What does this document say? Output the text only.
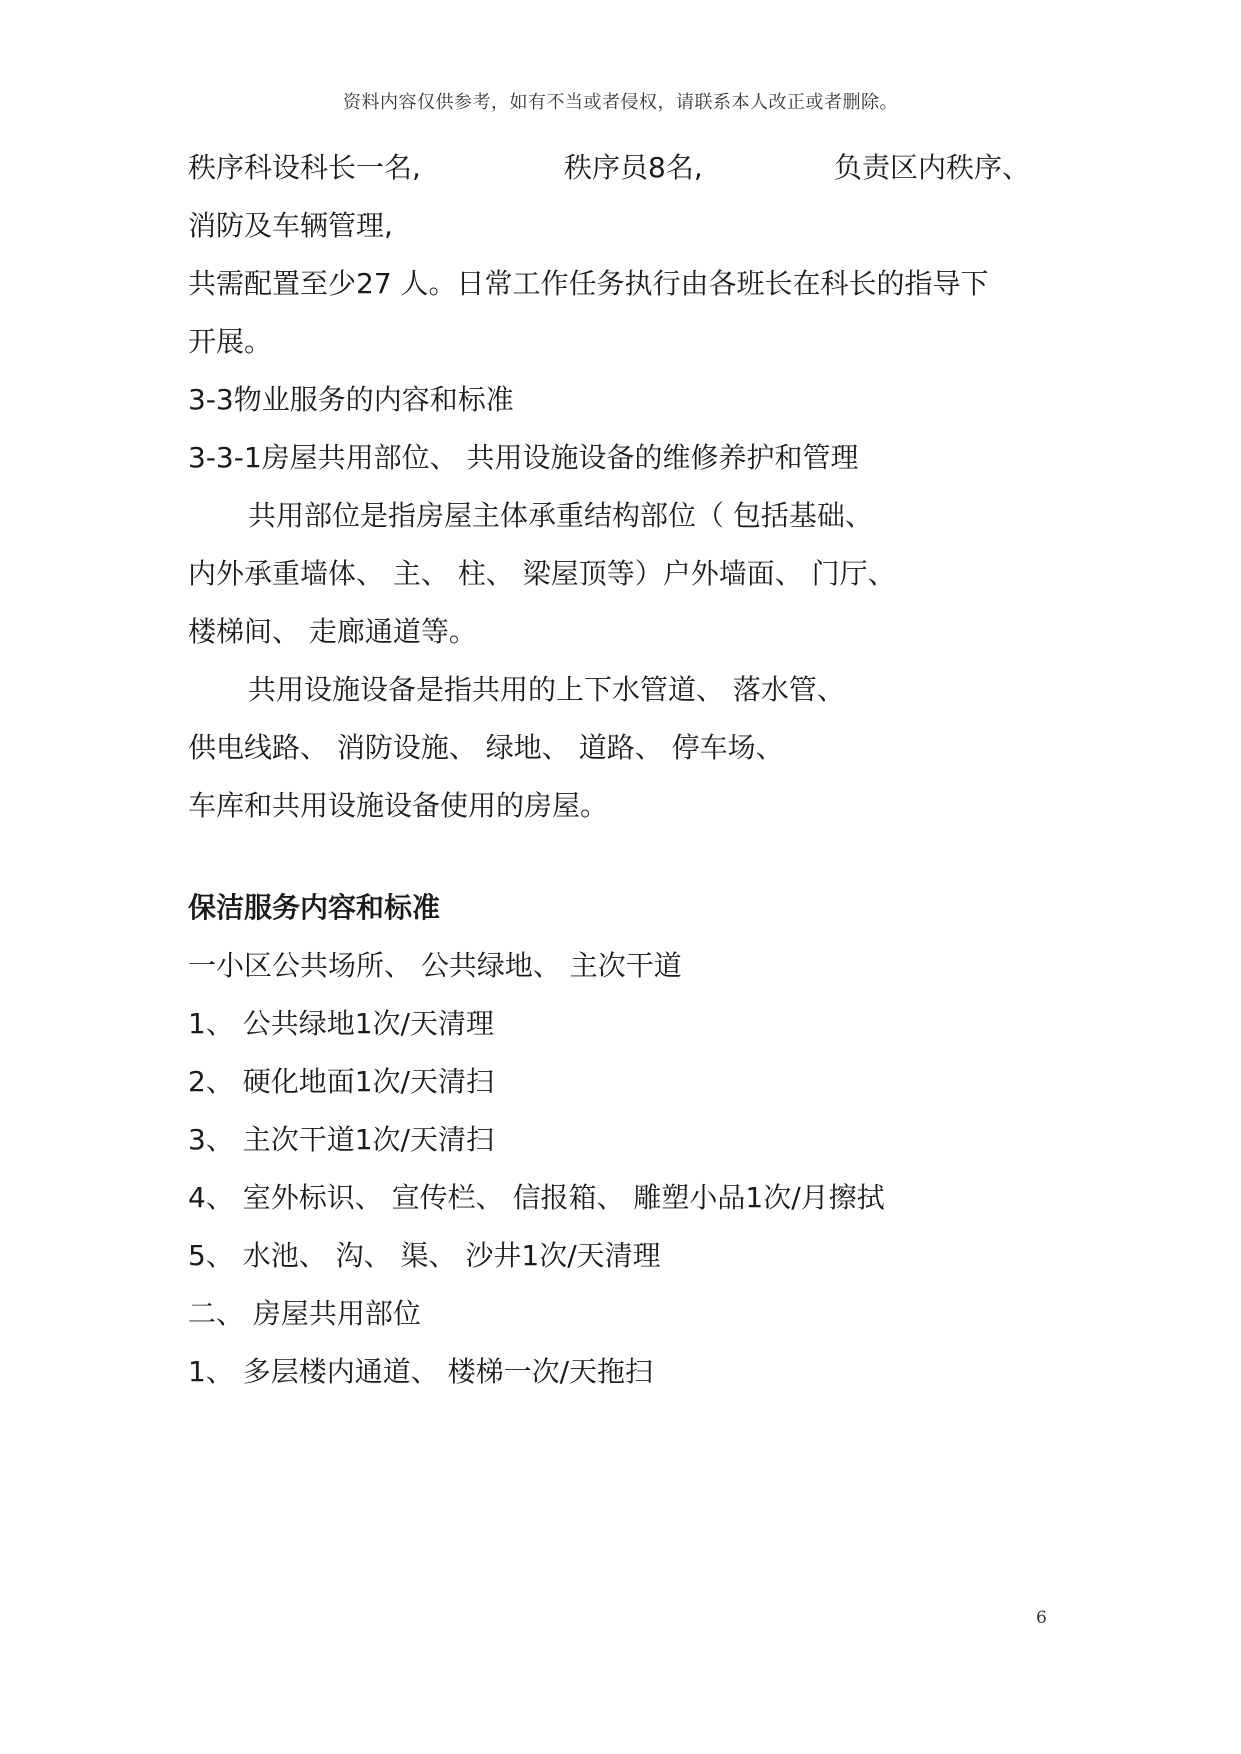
资料内容仅供参考，如有不当或者侵权，请联系本人改正或者删除。
秩序科设科长一名,	秩序员8名,	负责区内秩序、
消防及车辆管理,
共需配置至少27 人。日常工作任务执行由各班长在科长的指导下
开展。
3-3物业服务的内容和标准
3-3-1房屋共用部位、 共用设施设备的维修养护和管理
共用部位是指房屋主体承重结构部位（ 包括基础、
内外承重墙体、 主、 柱、 梁屋顶等）户外墙面、 门厅、
楼梯间、 走廊通道等。
共用设施设备是指共用的上下水管道、 落水管、
供电线路、 消防设施、 绿地、 道路、 停车场、
车库和共用设施设备使用的房屋。
保洁服务内容和标准
一小区公共场所、 公共绿地、 主次干道
1、 公共绿地1次/天清理
2、 硬化地面1次/天清扫
3、 主次干道1次/天清扫
4、 室外标识、 宣传栏、 信报箱、 雕塑小品1次/月擦拭
5、 水池、 沟、 渠、 沙井1次/天清理
二、 房屋共用部位
1、 多层楼内通道、 楼梯一次/天拖扫
6
